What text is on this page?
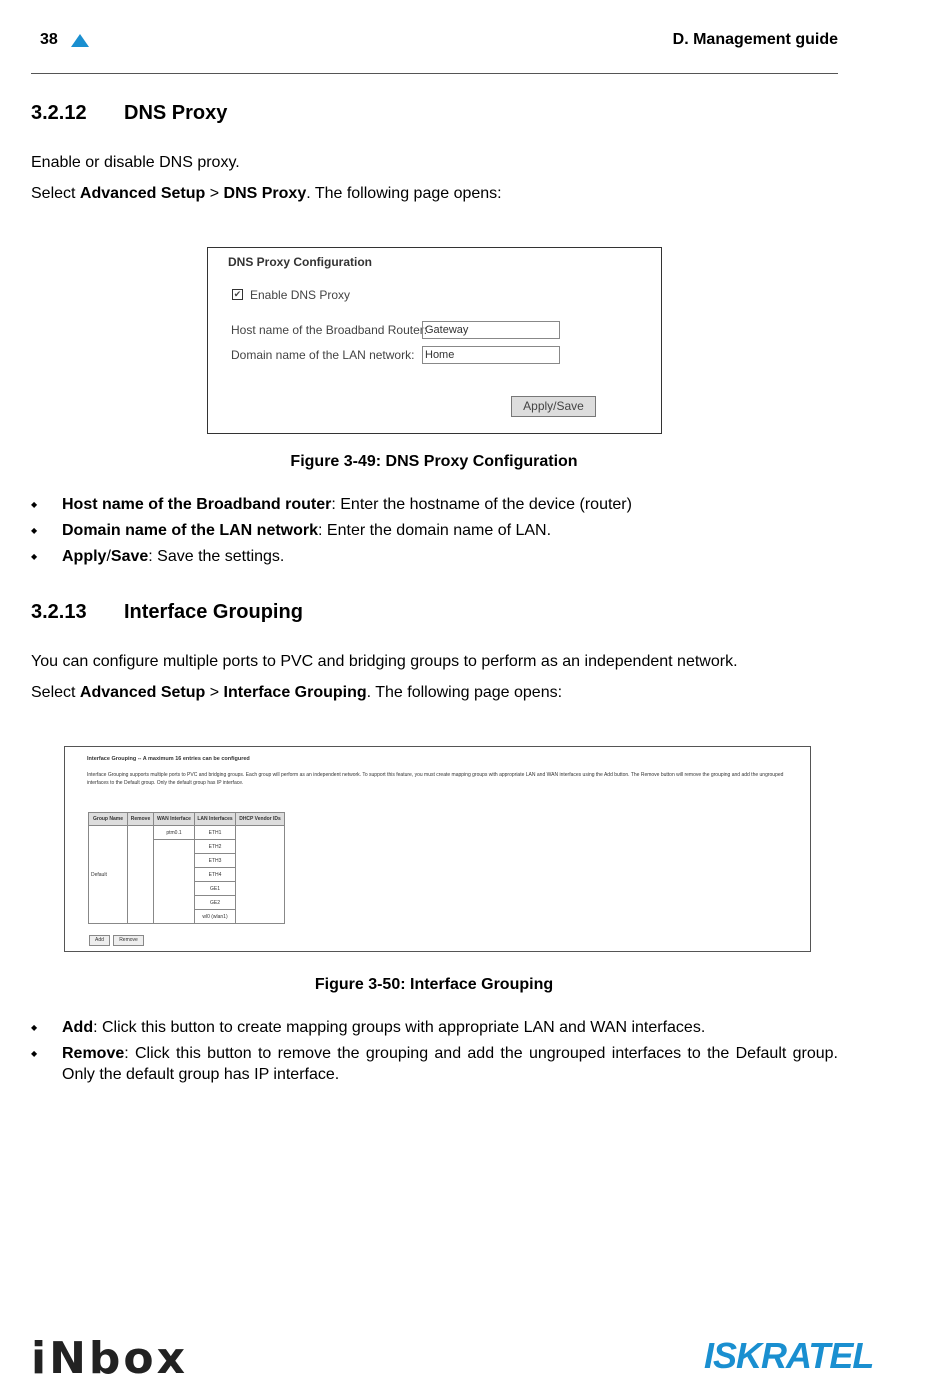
38	D. Management guide
3.2.12 DNS Proxy

Enable or disable DNS proxy.

Select Advanced Setup > DNS Proxy. The following page opens:

DNS Proxy Configuration
✔ Enable DNS Proxy
Host name of the Broadband Router:
Gateway
Domain name of the LAN network: Home
Apply/Save
Figure 3-49: DNS Proxy Configuration
◆ Host name of the Broadband router: Enter the hostname of the device (router)
◆ Domain name of the LAN network: Enter the domain name of LAN.
◆ Apply/Save: Save the settings.
3.2.13 Interface Grouping

You can configure multiple ports to PVC and bridging groups to perform as an independent network.

Select Advanced Setup > Interface Grouping. The following page opens:

Interface Grouping -- A maximum 16 entries can be configured
Interface Grouping supports multiple ports to PVC and bridging groups. Each group will perform as an independent network. To support this feature, you must create mapping groups with appropriate LAN and WAN interfaces using the Add button. The Remove button will remove the grouping and add the ungrouped interfaces to the Default group. Only the default group has IP interface.
Group Name	Remove	WAN Interface	LAN Interfaces	DHCP Vendor IDs
Default		ptm0.1	ETH1	
			ETH2	
			ETH3	
			ETH4	
			GE1	
			GE2	
			wl0 (wlan1)	
Add	Remove
Figure 3-50: Interface Grouping
◆ Add: Click this button to create mapping groups with appropriate LAN and WAN interfaces.
◆ Remove: Click this button to remove the grouping and add the ungrouped interfaces to the Default group. Only the default group has IP interface.
iNbox	ISKRATEL
